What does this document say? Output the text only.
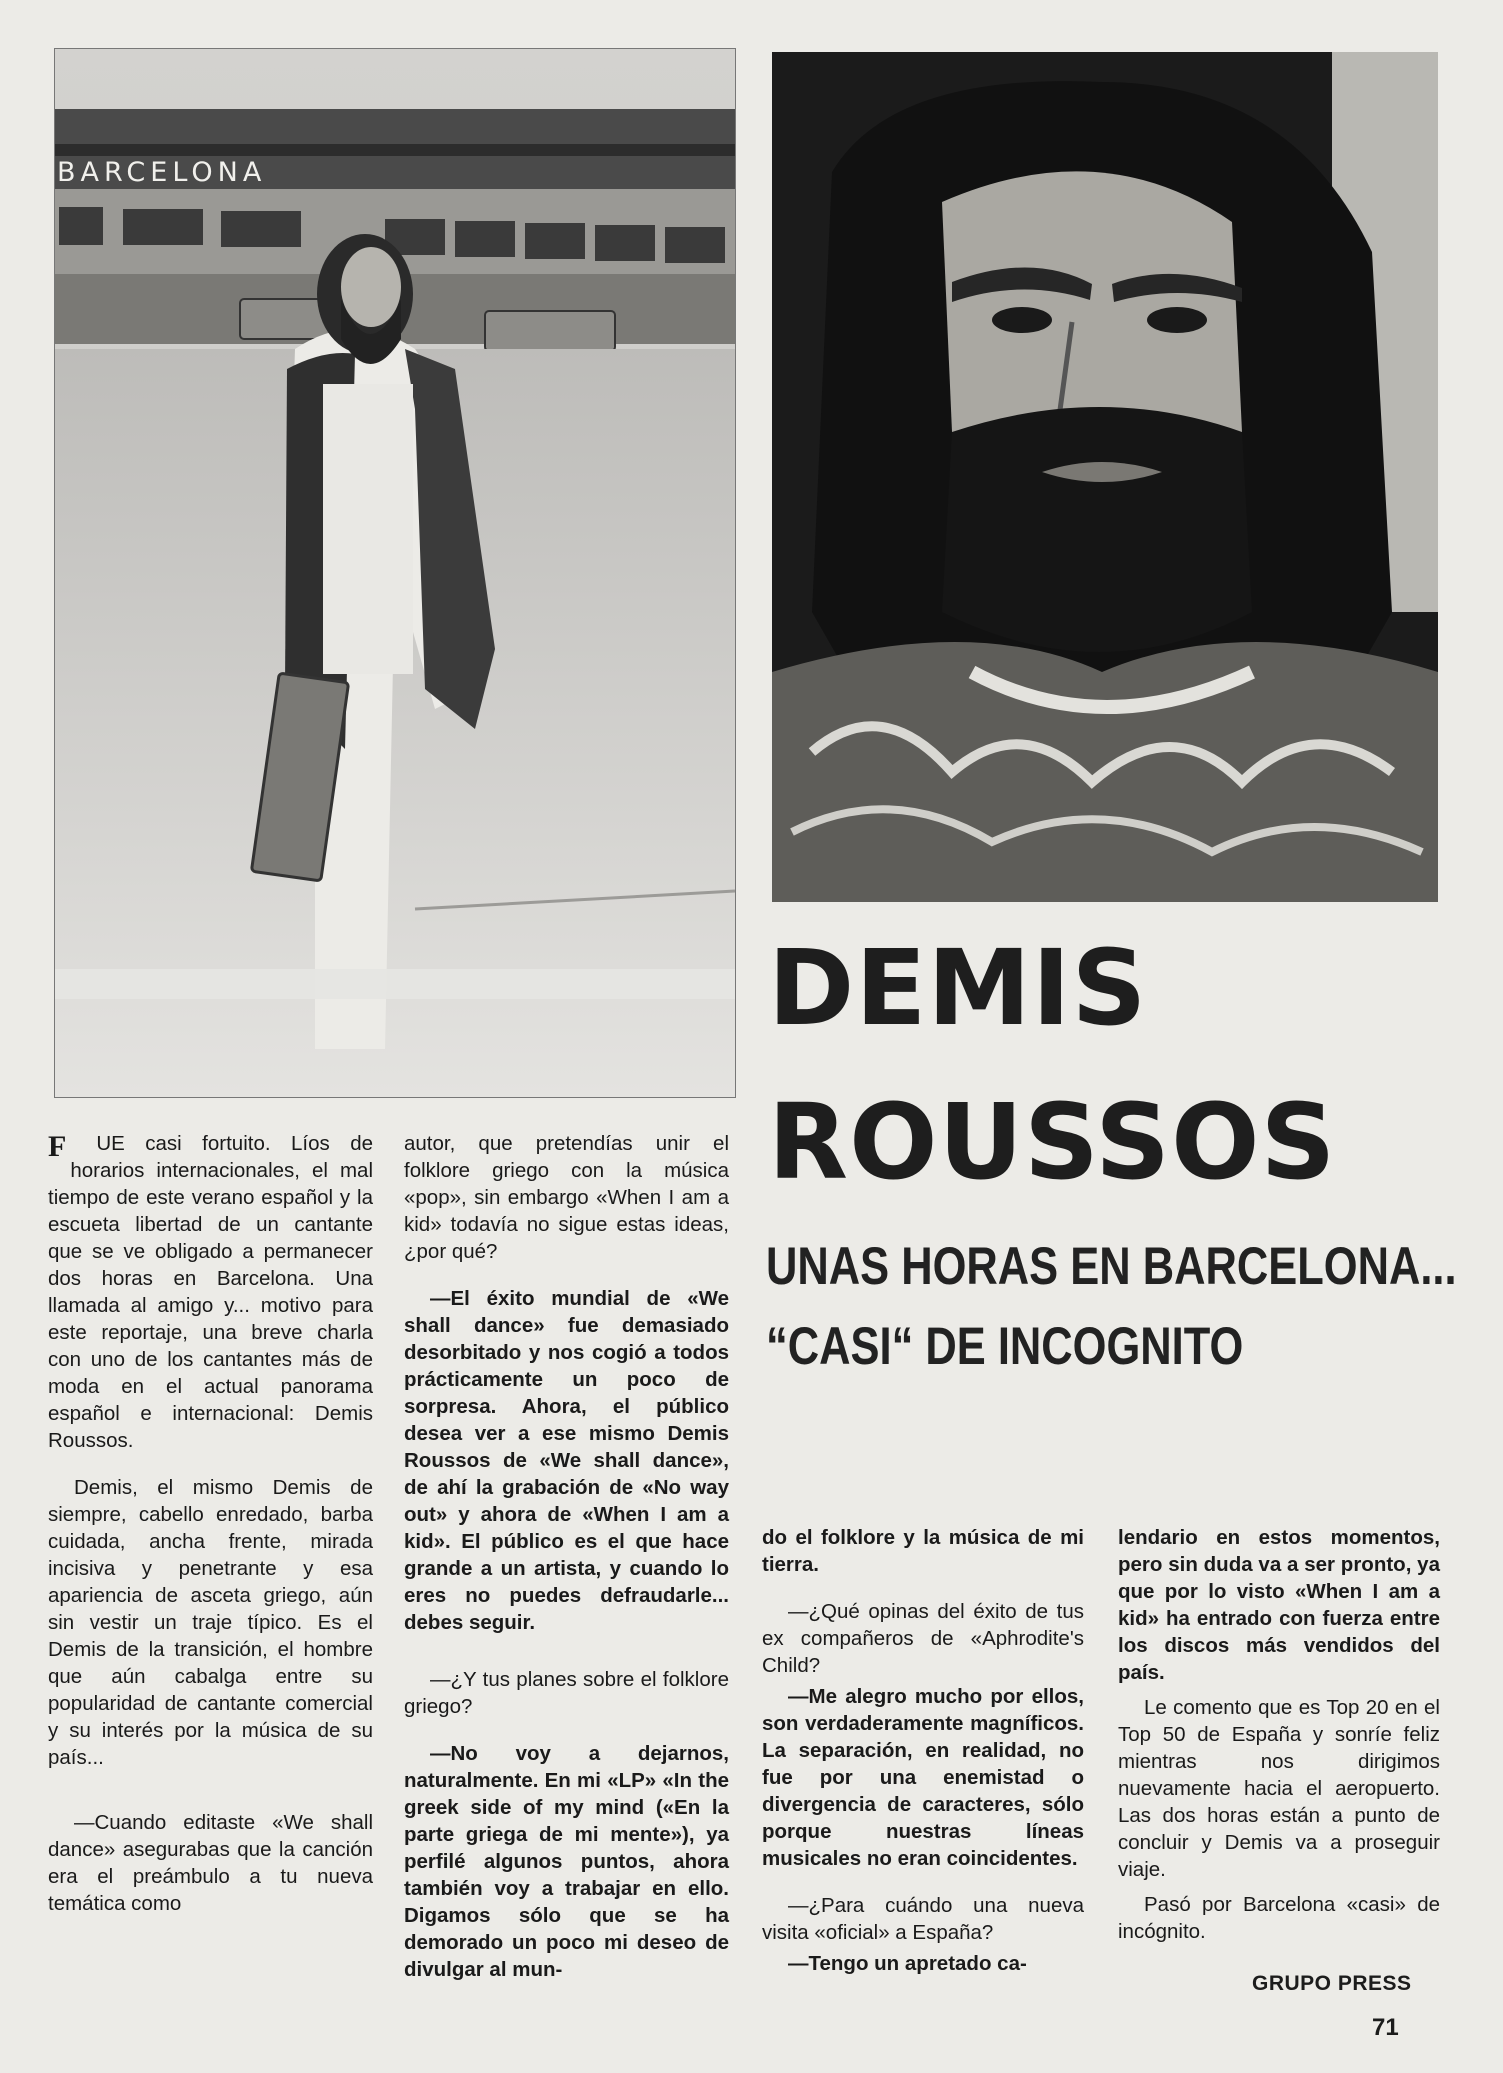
BARCELONA
DEMIS
ROUSSOS
UNAS HORAS EN BARCELONA...
“CASI“ DE INCOGNITO

F UE casi fortuito. Líos de horarios internacionales, el mal tiempo de este verano español y la escueta libertad de un cantante que se ve obligado a permanecer dos horas en Barcelona. Una llamada al amigo y... motivo para este reportaje, una breve charla con uno de los cantantes más de moda en el actual panorama español e internacional: Demis Roussos.

Demis, el mismo Demis de siempre, cabello enredado, barba cuidada, ancha frente, mirada incisiva y penetrante y esa apariencia de asceta griego, aún sin vestir un traje típico. Es el Demis de la transición, el hombre que aún cabalga entre su popularidad de cantante comercial y su interés por la música de su país...

—Cuando editaste «We shall dance» asegurabas que la canción era el preámbulo a tu nueva temática como

autor, que pretendías unir el folklore griego con la música «pop», sin embargo «When I am a kid» todavía no sigue estas ideas, ¿por qué?

—El éxito mundial de «We shall dance» fue demasiado desorbitado y nos cogió a todos prácticamente un poco de sorpresa. Ahora, el público desea ver a ese mismo Demis Roussos de «We shall dance», de ahí la grabación de «No way out» y ahora de «When I am a kid». El público es el que hace grande a un artista, y cuando lo eres no puedes defraudarle... debes seguir.

—¿Y tus planes sobre el folklore griego?

—No voy a dejarnos, naturalmente. En mi «LP» «In the greek side of my mind («En la parte griega de mi mente»), ya perfilé algunos puntos, ahora también voy a trabajar en ello. Digamos sólo que se ha demorado un poco mi deseo de divulgar al mun-

do el folklore y la música de mi tierra.

—¿Qué opinas del éxito de tus ex compañeros de «Aphrodite's Child?

—Me alegro mucho por ellos, son verdaderamente magníficos. La separación, en realidad, no fue por una enemistad o divergencia de caracteres, sólo porque nuestras líneas musicales no eran coincidentes.

—¿Para cuándo una nueva visita «oficial» a España?

—Tengo un apretado ca-

lendario en estos momentos, pero sin duda va a ser pronto, ya que por lo visto «When I am a kid» ha entrado con fuerza entre los discos más vendidos del país.

Le comento que es Top 20 en el Top 50 de España y sonríe feliz mientras nos dirigimos nuevamente hacia el aeropuerto. Las dos horas están a punto de concluir y Demis va a proseguir viaje.

Pasó por Barcelona «casi» de incógnito.

GRUPO PRESS
71
